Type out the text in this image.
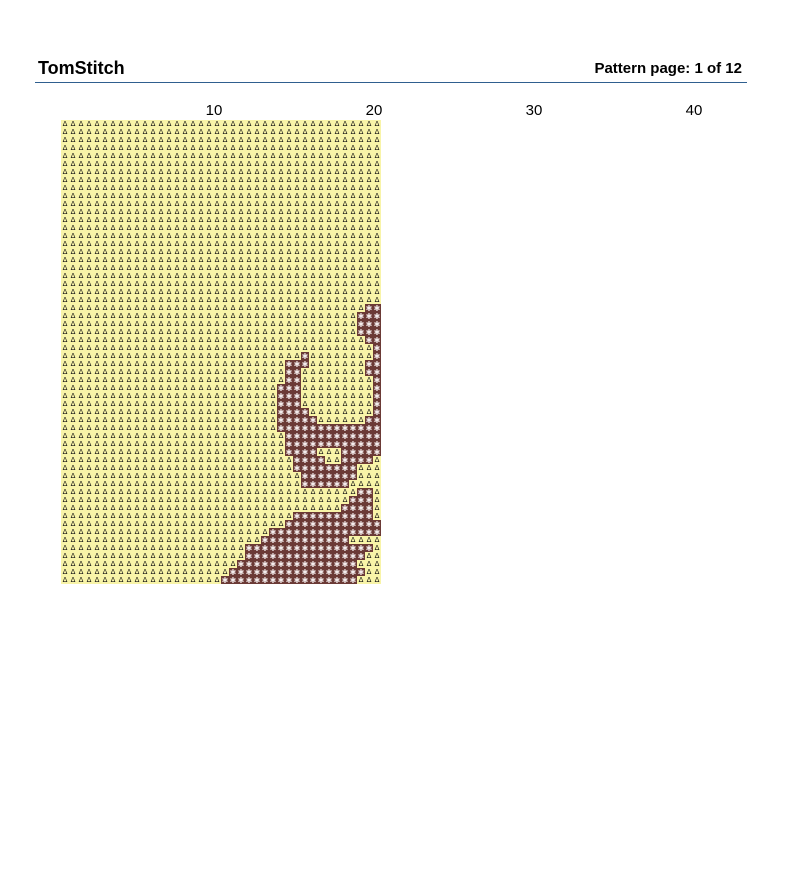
TomStitch	Pattern page: 1 of 12
10	20	30	40
Δ Δ Δ Δ Δ Δ Δ Δ Δ Δ Δ Δ Δ Δ Δ Δ Δ Δ Δ Δ Δ Δ Δ Δ Δ Δ Δ Δ Δ Δ Δ Δ Δ Δ Δ Δ Δ Δ Δ Δ
Δ Δ Δ Δ Δ Δ Δ Δ Δ Δ Δ Δ Δ Δ Δ Δ Δ Δ Δ Δ Δ Δ Δ Δ Δ Δ Δ Δ Δ Δ Δ Δ Δ Δ Δ Δ Δ Δ Δ Δ
Δ Δ Δ Δ Δ Δ Δ Δ Δ Δ Δ Δ Δ Δ Δ Δ Δ Δ Δ Δ Δ Δ Δ Δ Δ Δ Δ Δ Δ Δ Δ Δ Δ Δ Δ Δ Δ Δ Δ Δ
Δ Δ Δ Δ Δ Δ Δ Δ Δ Δ Δ Δ Δ Δ Δ Δ Δ Δ Δ Δ Δ Δ Δ Δ Δ Δ Δ Δ Δ Δ Δ Δ Δ Δ Δ Δ Δ Δ Δ Δ
Δ Δ Δ Δ Δ Δ Δ Δ Δ Δ Δ Δ Δ Δ Δ Δ Δ Δ Δ Δ Δ Δ Δ Δ Δ Δ Δ Δ Δ Δ Δ Δ Δ Δ Δ Δ Δ Δ Δ Δ
Δ Δ Δ Δ Δ Δ Δ Δ Δ Δ Δ Δ Δ Δ Δ Δ Δ Δ Δ Δ Δ Δ Δ Δ Δ Δ Δ Δ Δ Δ Δ Δ Δ Δ Δ Δ Δ Δ Δ Δ
Δ Δ Δ Δ Δ Δ Δ Δ Δ Δ Δ Δ Δ Δ Δ Δ Δ Δ Δ Δ Δ Δ Δ Δ Δ Δ Δ Δ Δ Δ Δ Δ Δ Δ Δ Δ Δ Δ Δ Δ
Δ Δ Δ Δ Δ Δ Δ Δ Δ Δ Δ Δ Δ Δ Δ Δ Δ Δ Δ Δ Δ Δ Δ Δ Δ Δ Δ Δ Δ Δ Δ Δ Δ Δ Δ Δ Δ Δ Δ Δ
Δ Δ Δ Δ Δ Δ Δ Δ Δ Δ Δ Δ Δ Δ Δ Δ Δ Δ Δ Δ Δ Δ Δ Δ Δ Δ Δ Δ Δ Δ Δ Δ Δ Δ Δ Δ Δ Δ Δ Δ
Δ Δ Δ Δ Δ Δ Δ Δ Δ Δ Δ Δ Δ Δ Δ Δ Δ Δ Δ Δ Δ Δ Δ Δ Δ Δ Δ Δ Δ Δ Δ Δ Δ Δ Δ Δ Δ Δ Δ Δ
Δ Δ Δ Δ Δ Δ Δ Δ Δ Δ Δ Δ Δ Δ Δ Δ Δ Δ Δ Δ Δ Δ Δ Δ Δ Δ Δ Δ Δ Δ Δ Δ Δ Δ Δ Δ Δ Δ Δ Δ
Δ Δ Δ Δ Δ Δ Δ Δ Δ Δ Δ Δ Δ Δ Δ Δ Δ Δ Δ Δ Δ Δ Δ Δ Δ Δ Δ Δ Δ Δ Δ Δ Δ Δ Δ Δ Δ Δ Δ Δ
Δ Δ Δ Δ Δ Δ Δ Δ Δ Δ Δ Δ Δ Δ Δ Δ Δ Δ Δ Δ Δ Δ Δ Δ Δ Δ Δ Δ Δ Δ Δ Δ Δ Δ Δ Δ Δ Δ Δ Δ
Δ Δ Δ Δ Δ Δ Δ Δ Δ Δ Δ Δ Δ Δ Δ Δ Δ Δ Δ Δ Δ Δ Δ Δ Δ Δ Δ Δ Δ Δ Δ Δ Δ Δ Δ Δ Δ Δ Δ Δ
Δ Δ Δ Δ Δ Δ Δ Δ Δ Δ Δ Δ Δ Δ Δ Δ Δ Δ Δ Δ Δ Δ Δ Δ Δ Δ Δ Δ Δ Δ Δ Δ Δ Δ Δ Δ Δ Δ Δ Δ
Δ Δ Δ Δ Δ Δ Δ Δ Δ Δ Δ Δ Δ Δ Δ Δ Δ Δ Δ Δ Δ Δ Δ Δ Δ Δ Δ Δ Δ Δ Δ Δ Δ Δ Δ Δ Δ Δ Δ Δ
Δ Δ Δ Δ Δ Δ Δ Δ Δ Δ Δ Δ Δ Δ Δ Δ Δ Δ Δ Δ Δ Δ Δ Δ Δ Δ Δ Δ Δ Δ Δ Δ Δ Δ Δ Δ Δ Δ Δ Δ
Δ Δ Δ Δ Δ Δ Δ Δ Δ Δ Δ Δ Δ Δ Δ Δ Δ Δ Δ Δ Δ Δ Δ Δ Δ Δ Δ Δ Δ Δ Δ Δ Δ Δ Δ Δ Δ Δ Δ Δ
Δ Δ Δ Δ Δ Δ Δ Δ Δ Δ Δ Δ Δ Δ Δ Δ Δ Δ Δ Δ Δ Δ Δ Δ Δ Δ Δ Δ Δ Δ Δ Δ Δ Δ Δ Δ Δ Δ Δ Δ
Δ Δ Δ Δ Δ Δ Δ Δ Δ Δ Δ Δ Δ Δ Δ Δ Δ Δ Δ Δ Δ Δ Δ Δ Δ Δ Δ Δ Δ Δ Δ Δ Δ Δ Δ Δ Δ Δ Δ Δ
Δ Δ Δ Δ Δ Δ Δ Δ Δ Δ Δ Δ Δ Δ Δ Δ Δ Δ Δ Δ Δ Δ Δ Δ Δ Δ Δ Δ Δ Δ Δ Δ Δ Δ Δ Δ Δ Δ Δ Δ
Δ Δ Δ Δ Δ Δ Δ Δ Δ Δ Δ Δ Δ Δ Δ Δ Δ Δ Δ Δ Δ Δ Δ Δ Δ Δ Δ Δ Δ Δ Δ Δ Δ Δ Δ Δ Δ Δ Δ Δ
Δ Δ Δ Δ Δ Δ Δ Δ Δ Δ Δ Δ Δ Δ Δ Δ Δ Δ Δ Δ Δ Δ Δ Δ Δ Δ Δ Δ Δ Δ Δ Δ Δ Δ Δ Δ Δ Δ Δ Δ
Δ Δ Δ Δ Δ Δ Δ Δ Δ Δ Δ Δ Δ Δ Δ Δ Δ Δ Δ Δ Δ Δ Δ Δ Δ Δ Δ Δ Δ Δ Δ Δ Δ Δ Δ Δ Δ Δ ✱ ✱
Δ Δ Δ Δ Δ Δ Δ Δ Δ Δ Δ Δ Δ Δ Δ Δ Δ Δ Δ Δ Δ Δ Δ Δ Δ Δ Δ Δ Δ Δ Δ Δ Δ Δ Δ Δ Δ ✱ ✱ ✱
Δ Δ Δ Δ Δ Δ Δ Δ Δ Δ Δ Δ Δ Δ Δ Δ Δ Δ Δ Δ Δ Δ Δ Δ Δ Δ Δ Δ Δ Δ Δ Δ Δ Δ Δ Δ Δ ✱ ✱ ✱
Δ Δ Δ Δ Δ Δ Δ Δ Δ Δ Δ Δ Δ Δ Δ Δ Δ Δ Δ Δ Δ Δ Δ Δ Δ Δ Δ Δ Δ Δ Δ Δ Δ Δ Δ Δ Δ ✱ ✱ ✱
Δ Δ Δ Δ Δ Δ Δ Δ Δ Δ Δ Δ Δ Δ Δ Δ Δ Δ Δ Δ Δ Δ Δ Δ Δ Δ Δ Δ Δ Δ Δ Δ Δ Δ Δ Δ Δ Δ ✱ ✱
Δ Δ Δ Δ Δ Δ Δ Δ Δ Δ Δ Δ Δ Δ Δ Δ Δ Δ Δ Δ Δ Δ Δ Δ Δ Δ Δ Δ Δ Δ Δ Δ Δ Δ Δ Δ Δ Δ Δ ✱
Δ Δ Δ Δ Δ Δ Δ Δ Δ Δ Δ Δ Δ Δ Δ Δ Δ Δ Δ Δ Δ Δ Δ Δ Δ Δ Δ Δ Δ Δ ✱ Δ Δ Δ Δ Δ Δ Δ Δ ✱
Δ Δ Δ Δ Δ Δ Δ Δ Δ Δ Δ Δ Δ Δ Δ Δ Δ Δ Δ Δ Δ Δ Δ Δ Δ Δ Δ Δ ✱ ✱ ✱ Δ Δ Δ Δ Δ Δ Δ ✱ ✱
Δ Δ Δ Δ Δ Δ Δ Δ Δ Δ Δ Δ Δ Δ Δ Δ Δ Δ Δ Δ Δ Δ Δ Δ Δ Δ Δ Δ ✱ ✱ Δ Δ Δ Δ Δ Δ Δ Δ ✱ ✱
Δ Δ Δ Δ Δ Δ Δ Δ Δ Δ Δ Δ Δ Δ Δ Δ Δ Δ Δ Δ Δ Δ Δ Δ Δ Δ Δ Δ ✱ ✱ Δ Δ Δ Δ Δ Δ Δ Δ Δ ✱
Δ Δ Δ Δ Δ Δ Δ Δ Δ Δ Δ Δ Δ Δ Δ Δ Δ Δ Δ Δ Δ Δ Δ Δ Δ Δ Δ ✱ ✱ ✱ Δ Δ Δ Δ Δ Δ Δ Δ Δ ✱
Δ Δ Δ Δ Δ Δ Δ Δ Δ Δ Δ Δ Δ Δ Δ Δ Δ Δ Δ Δ Δ Δ Δ Δ Δ Δ Δ ✱ ✱ ✱ Δ Δ Δ Δ Δ Δ Δ Δ Δ ✱
Δ Δ Δ Δ Δ Δ Δ Δ Δ Δ Δ Δ Δ Δ Δ Δ Δ Δ Δ Δ Δ Δ Δ Δ Δ Δ Δ ✱ ✱ ✱ Δ Δ Δ Δ Δ Δ Δ Δ Δ ✱
Δ Δ Δ Δ Δ Δ Δ Δ Δ Δ Δ Δ Δ Δ Δ Δ Δ Δ Δ Δ Δ Δ Δ Δ Δ Δ Δ ✱ ✱ ✱ ✱ Δ Δ Δ Δ Δ Δ Δ Δ ✱
Δ Δ Δ Δ Δ Δ Δ Δ Δ Δ Δ Δ Δ Δ Δ Δ Δ Δ Δ Δ Δ Δ Δ Δ Δ Δ Δ ✱ ✱ ✱ ✱ ✱ Δ Δ Δ Δ Δ Δ ✱ ✱
Δ Δ Δ Δ Δ Δ Δ Δ Δ Δ Δ Δ Δ Δ Δ Δ Δ Δ Δ Δ Δ Δ Δ Δ Δ Δ Δ ✱ ✱ ✱ ✱ ✱ ✱ ✱ ✱ ✱ ✱ ✱ ✱ ✱
Δ Δ Δ Δ Δ Δ Δ Δ Δ Δ Δ Δ Δ Δ Δ Δ Δ Δ Δ Δ Δ Δ Δ Δ Δ Δ Δ Δ ✱ ✱ ✱ ✱ ✱ ✱ ✱ ✱ ✱ ✱ ✱ ✱
Δ Δ Δ Δ Δ Δ Δ Δ Δ Δ Δ Δ Δ Δ Δ Δ Δ Δ Δ Δ Δ Δ Δ Δ Δ Δ Δ Δ ✱ ✱ ✱ ✱ ✱ ✱ ✱ ✱ ✱ ✱ ✱ ✱
Δ Δ Δ Δ Δ Δ Δ Δ Δ Δ Δ Δ Δ Δ Δ Δ Δ Δ Δ Δ Δ Δ Δ Δ Δ Δ Δ Δ ✱ ✱ ✱ ✱ Δ Δ Δ ✱ ✱ ✱ ✱ ✱
Δ Δ Δ Δ Δ Δ Δ Δ Δ Δ Δ Δ Δ Δ Δ Δ Δ Δ Δ Δ Δ Δ Δ Δ Δ Δ Δ Δ Δ ✱ ✱ ✱ ✱ Δ Δ ✱ ✱ ✱ ✱ Δ
Δ Δ Δ Δ Δ Δ Δ Δ Δ Δ Δ Δ Δ Δ Δ Δ Δ Δ Δ Δ Δ Δ Δ Δ Δ Δ Δ Δ Δ ✱ ✱ ✱ ✱ ✱ ✱ ✱ ✱ Δ Δ Δ
Δ Δ Δ Δ Δ Δ Δ Δ Δ Δ Δ Δ Δ Δ Δ Δ Δ Δ Δ Δ Δ Δ Δ Δ Δ Δ Δ Δ Δ Δ ✱ ✱ ✱ ✱ ✱ ✱ ✱ Δ Δ Δ
Δ Δ Δ Δ Δ Δ Δ Δ Δ Δ Δ Δ Δ Δ Δ Δ Δ Δ Δ Δ Δ Δ Δ Δ Δ Δ Δ Δ Δ Δ ✱ ✱ ✱ ✱ ✱ ✱ Δ Δ Δ Δ
Δ Δ Δ Δ Δ Δ Δ Δ Δ Δ Δ Δ Δ Δ Δ Δ Δ Δ Δ Δ Δ Δ Δ Δ Δ Δ Δ Δ Δ Δ Δ Δ Δ Δ Δ Δ Δ ✱ ✱ Δ
Δ Δ Δ Δ Δ Δ Δ Δ Δ Δ Δ Δ Δ Δ Δ Δ Δ Δ Δ Δ Δ Δ Δ Δ Δ Δ Δ Δ Δ Δ Δ Δ Δ Δ Δ Δ ✱ ✱ ✱ Δ
Δ Δ Δ Δ Δ Δ Δ Δ Δ Δ Δ Δ Δ Δ Δ Δ Δ Δ Δ Δ Δ Δ Δ Δ Δ Δ Δ Δ Δ Δ Δ Δ Δ Δ Δ ✱ ✱ ✱ ✱ Δ
Δ Δ Δ Δ Δ Δ Δ Δ Δ Δ Δ Δ Δ Δ Δ Δ Δ Δ Δ Δ Δ Δ Δ Δ Δ Δ Δ Δ Δ ✱ ✱ ✱ ✱ ✱ ✱ ✱ ✱ ✱ ✱ Δ
Δ Δ Δ Δ Δ Δ Δ Δ Δ Δ Δ Δ Δ Δ Δ Δ Δ Δ Δ Δ Δ Δ Δ Δ Δ Δ Δ Δ ✱ ✱ ✱ ✱ ✱ ✱ ✱ ✱ ✱ ✱ ✱ ✱
Δ Δ Δ Δ Δ Δ Δ Δ Δ Δ Δ Δ Δ Δ Δ Δ Δ Δ Δ Δ Δ Δ Δ Δ Δ Δ ✱ ✱ ✱ ✱ ✱ ✱ ✱ ✱ ✱ ✱ ✱ ✱ ✱ ✱
Δ Δ Δ Δ Δ Δ Δ Δ Δ Δ Δ Δ Δ Δ Δ Δ Δ Δ Δ Δ Δ Δ Δ Δ Δ ✱ ✱ ✱ ✱ ✱ ✱ ✱ ✱ ✱ ✱ ✱ Δ Δ Δ Δ
Δ Δ Δ Δ Δ Δ Δ Δ Δ Δ Δ Δ Δ Δ Δ Δ Δ Δ Δ Δ Δ Δ Δ ✱ ✱ ✱ ✱ ✱ ✱ ✱ ✱ ✱ ✱ ✱ ✱ ✱ ✱ ✱ ✱ Δ
Δ Δ Δ Δ Δ Δ Δ Δ Δ Δ Δ Δ Δ Δ Δ Δ Δ Δ Δ Δ Δ Δ Δ ✱ ✱ ✱ ✱ ✱ ✱ ✱ ✱ ✱ ✱ ✱ ✱ ✱ ✱ ✱ Δ Δ
Δ Δ Δ Δ Δ Δ Δ Δ Δ Δ Δ Δ Δ Δ Δ Δ Δ Δ Δ Δ Δ Δ ✱ ✱ ✱ ✱ ✱ ✱ ✱ ✱ ✱ ✱ ✱ ✱ ✱ ✱ ✱ Δ Δ Δ
Δ Δ Δ Δ Δ Δ Δ Δ Δ Δ Δ Δ Δ Δ Δ Δ Δ Δ Δ Δ Δ ✱ ✱ ✱ ✱ ✱ ✱ ✱ ✱ ✱ ✱ ✱ ✱ ✱ ✱ ✱ ✱ ✱ Δ Δ
Δ Δ Δ Δ Δ Δ Δ Δ Δ Δ Δ Δ Δ Δ Δ Δ Δ Δ Δ Δ ✱ ✱ ✱ ✱ ✱ ✱ ✱ ✱ ✱ ✱ ✱ ✱ ✱ ✱ ✱ ✱ ✱ Δ Δ Δ
